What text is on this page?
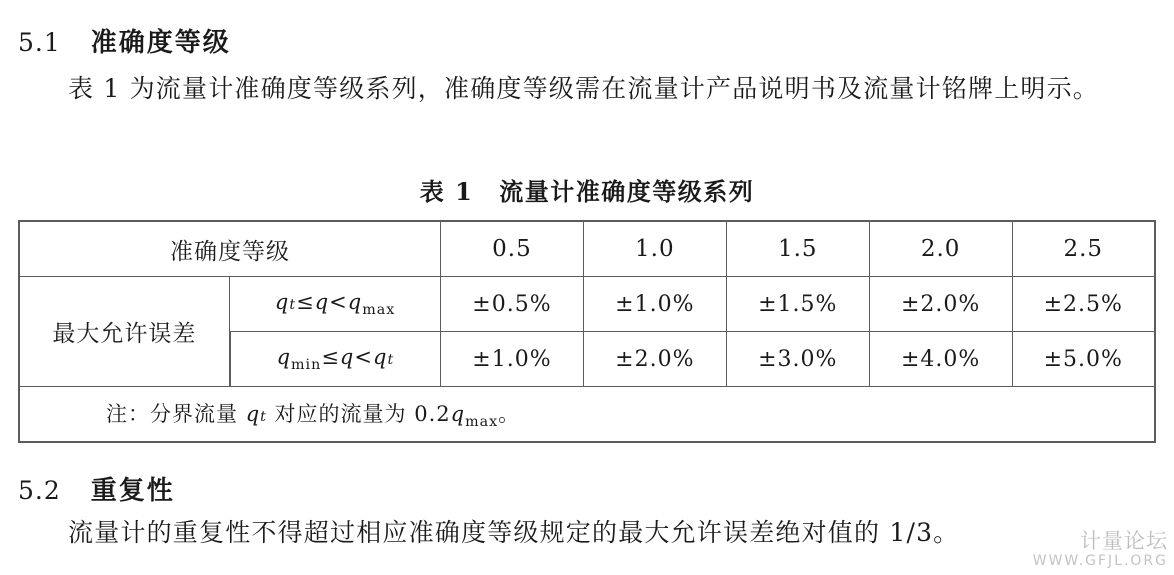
5.1 准确度等级
表 1 为流量计准确度等级系列，准确度等级需在流量计产品说明书及流量计铭牌上明示。
表 1 流量计准确度等级系列
准确度等级		0.5	1.0	1.5	2.0	2.5
最大允许误差	$qt\le q<q_{max}$	±0.5%	±1.0%	±1.5%	±2.0%	±2.5%
	$q_{min}\le q<qt$	±1.0%	±2.0%	±3.0%	±4.0%	±5.0%
注：分界流量 qt 对应的流量为 $0.2q_{max}$。						
5.2 重复性
流量计的重复性不得超过相应准确度等级规定的最大允许误差绝对值的 1/3。	计量论坛
WWW.GFJL.ORG
